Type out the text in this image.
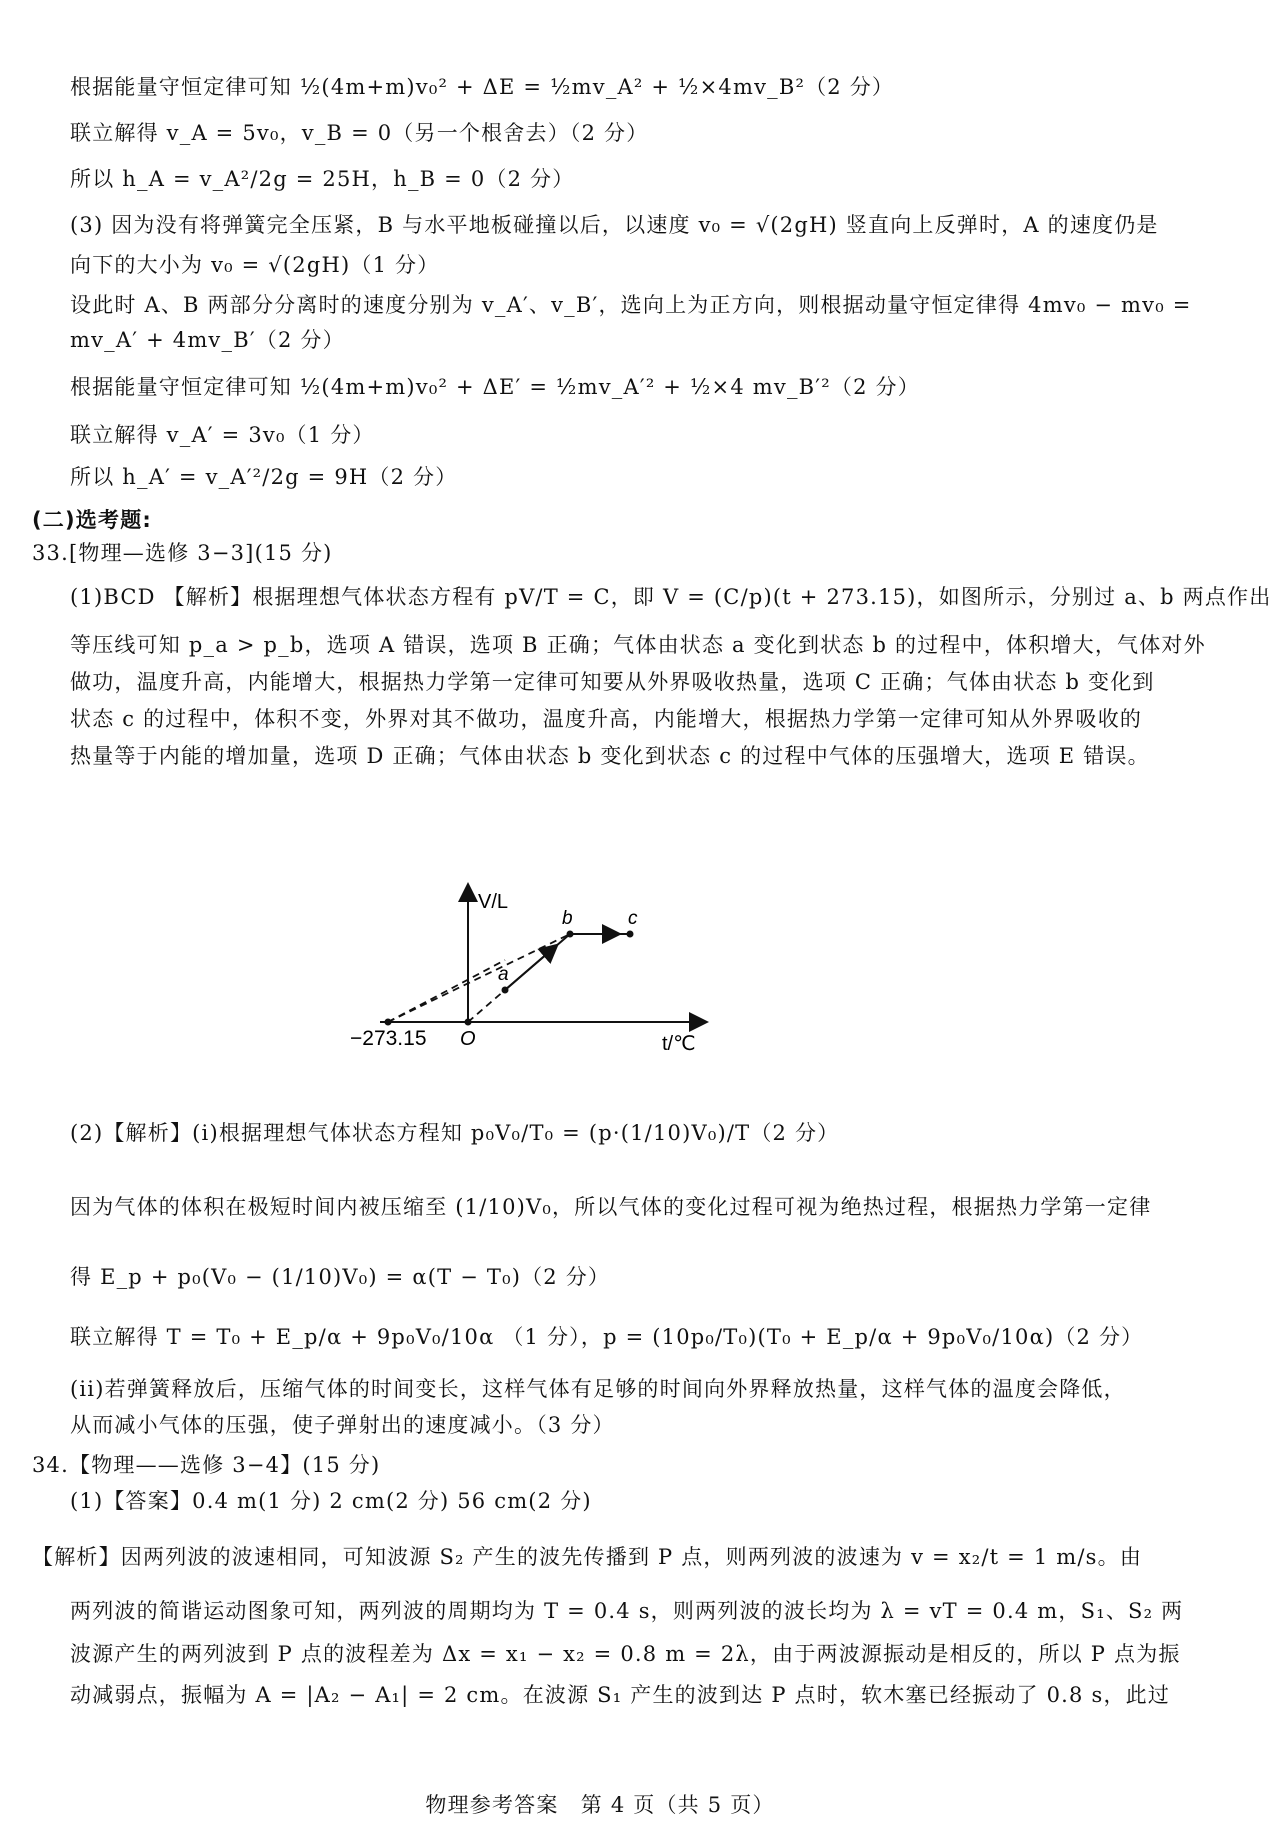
根据能量守恒定律可知 ½(4m+m)v₀² + ΔE = ½mv_A² + ½×4mv_B²（2 分）
联立解得 v_A = 5v₀，v_B = 0（另一个根舍去）（2 分）
所以 h_A = v_A²/2g = 25H，h_B = 0（2 分）
(3) 因为没有将弹簧完全压紧，B 与水平地板碰撞以后，以速度 v₀ = √(2gH) 竖直向上反弹时，A 的速度仍是
向下的大小为 v₀ = √(2gH)（1 分）
设此时 A、B 两部分分离时的速度分别为 v_A′、v_B′，选向上为正方向，则根据动量守恒定律得 4mv₀ − mv₀ =
mv_A′ + 4mv_B′（2 分）
根据能量守恒定律可知 ½(4m+m)v₀² + ΔE′ = ½mv_A′² + ½×4 mv_B′²（2 分）
联立解得 v_A′ = 3v₀（1 分）
所以 h_A′ = v_A′²/2g = 9H（2 分）
(二)选考题:
33.[物理—选修 3−3](15 分)
(1)BCD 【解析】根据理想气体状态方程有 pV/T = C，即 V = (C/p)(t + 273.15)，如图所示，分别过 a、b 两点作出
等压线可知 p_a > p_b，选项 A 错误，选项 B 正确；气体由状态 a 变化到状态 b 的过程中，体积增大，气体对外
做功，温度升高，内能增大，根据热力学第一定律可知要从外界吸收热量，选项 C 正确；气体由状态 b 变化到
状态 c 的过程中，体积不变，外界对其不做功，温度升高，内能增大，根据热力学第一定律可知从外界吸收的
热量等于内能的增加量，选项 D 正确；气体由状态 b 变化到状态 c 的过程中气体的压强增大，选项 E 错误。
a
b	c
V/L
O
−273.15	t/℃
(2)【解析】(i)根据理想气体状态方程知 p₀V₀/T₀ = (p·(1/10)V₀)/T（2 分）
因为气体的体积在极短时间内被压缩至 (1/10)V₀，所以气体的变化过程可视为绝热过程，根据热力学第一定律
得 E_p + p₀(V₀ − (1/10)V₀) = α(T − T₀)（2 分）
联立解得 T = T₀ + E_p/α + 9p₀V₀/10α （1 分），p = (10p₀/T₀)(T₀ + E_p/α + 9p₀V₀/10α)（2 分）
(ii)若弹簧释放后，压缩气体的时间变长，这样气体有足够的时间向外界释放热量，这样气体的温度会降低，
从而减小气体的压强，使子弹射出的速度减小。（3 分）
34.【物理——选修 3−4】(15 分)
(1)【答案】0.4 m(1 分) 2 cm(2 分) 56 cm(2 分)
【解析】因两列波的波速相同，可知波源 S₂ 产生的波先传播到 P 点，则两列波的波速为 v = x₂/t = 1 m/s。由
两列波的简谐运动图象可知，两列波的周期均为 T = 0.4 s，则两列波的波长均为 λ = vT = 0.4 m，S₁、S₂ 两
波源产生的两列波到 P 点的波程差为 Δx = x₁ − x₂ = 0.8 m = 2λ，由于两波源振动是相反的，所以 P 点为振
动减弱点，振幅为 A = |A₂ − A₁| = 2 cm。在波源 S₁ 产生的波到达 P 点时，软木塞已经振动了 0.8 s，此过
物理参考答案　第 4 页（共 5 页）
